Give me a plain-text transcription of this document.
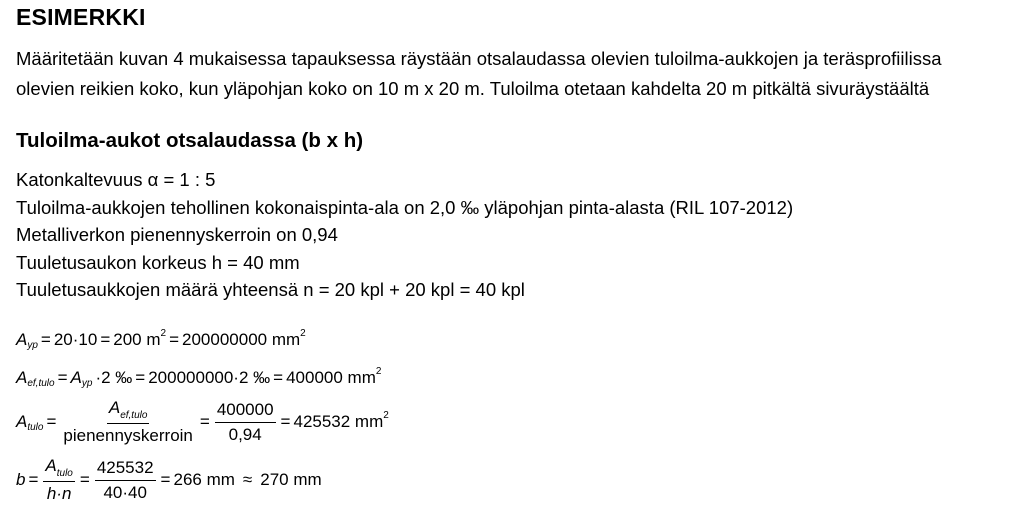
ESIMERKKI
Määritetään kuvan 4 mukaisessa tapauksessa räystään otsalaudassa olevien tuloilma-aukkojen ja teräsprofiilissa
olevien reikien koko, kun yläpohjan koko on 10 m x 20 m. Tuloilma otetaan kahdelta 20 m pitkältä sivuräystäältä
Tuloilma-aukot otsalaudassa (b x h)
Katonkaltevuus α = 1 : 5
Tuloilma-aukkojen tehollinen kokonaispinta-ala on 2,0 ‰ yläpohjan pinta-alasta (RIL 107-2012)
Metalliverkon pienennyskerroin on 0,94
Tuuletusaukon korkeus h = 40 mm
Tuuletusaukkojen määrä yhteensä n = 20 kpl + 20 kpl = 40 kpl
A yp = 20·10 = 200 m 2 = 200000000 mm 2
A ef,tulo = A yp ·2 ‰ = 200000000·2 ‰ = 400000 mm 2
A tulo = $\frac{A_{ef,tulo}}{\text{pienennyskerroin}} = \frac{400000}{0,94} = 425532$ mm 2
$b = \frac{A_{tulo}}{h\cdot n} = \frac{425532}{40\cdot 40} = 266$ mm ≈ 270 mm
